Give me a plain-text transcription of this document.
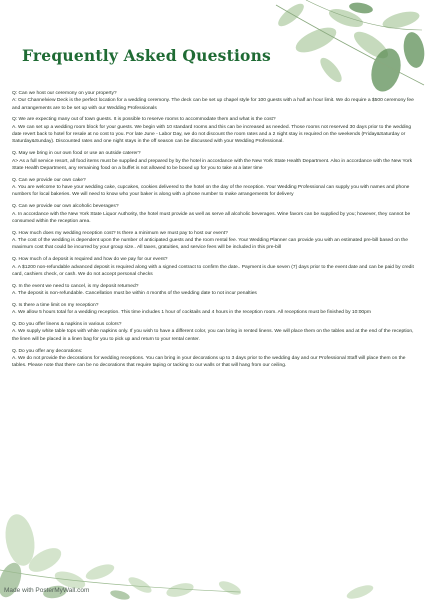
Frequently Asked Questions

Q: Can we host our ceremony on your property?

A: Our Channelview Deck is the perfect location for a wedding ceremony. The deck can be set up chapel style for 100 guests with a half an hour limit. We do require a $500 ceremony fee and arrangements are to be set up with our Wedding Professionals

Q: We are expecting many out of town guests. It is possible to reserve rooms to accommodate them and what is the cost?

A. We can set up a wedding room block for your guests. We begin with 10 standard rooms and this can be increased as needed. Those rooms not reserved 30 days prior to the wedding date revert back to hotel for resale at no cost to you. For late June - Labor Day, we do not discount the room rates and a 2 night stay is required on the weekends (Friday&Saturday or Saturday&Sunday). Discounted rates and one night stays in the off season can be discussed with your Wedding Professional.

Q. May we bring in our own food or use an outside caterer?

A> As a full service resort, all food items must be supplied and prepared by by the hotel in accordance with the New York State Health Department. Also in accordance with the New York State Health Department, any remaining food on a buffet is not allowed to be boxed up for you to take at a later time

Q. Can we provide our own cake?

A. You are welcome to have your wedding cake, cupcakes, cookies delivered to the hotel on the day of the reception. Your Wedding Professional can supply you with names and phone numbers for local bakeries. We will need to know who your baker is along with a phone number to make arrangements for delivery

Q. Can we provide our own alcoholic beverages?

A. In accordance with the New York State Liquor Authority, the hotel must provide as well as serve all alcoholic beverages. Wine favors can be supplied by you; however, they cannot be consumed within the reception area.

Q. How much does my wedding reception cost? Is there a minimum we must pay to host our event?

A. The cost of the wedding is dependent upon the number of anticipated guests and the room rental fee. Your Wedding Planner can provide you with an estimated pre-bill based on the maximum cost that could be incurred by your group size.. All taxes, gratuities, and service fees will be included in this pre-bill

Q. How much of a deposit is required and how do we pay for our event?

A. A $1200 non-refundable advanced deposit is required along with a signed contract to confirm the date.. Payment is due seven (7) days prior to the event date and can be paid by credit card, cashiers check, or cash. We do not accept personal checks

Q. In the event we need to cancel, is my deposit returned?

A. The deposit is non-refundable. Cancellation must be within 4 months of the wedding date to not incur penalties

Q. Is there a time limit on my reception?

A. We allow 5 hours total for a wedding reception. This time includes 1 hour of cocktails and 4 hours in the reception room. All receptions must be finished by 10:00pm

Q. Do you offer linens & napkins in various colors?

A. We supply white table tops with white napkins only. If you wish to have a different color, you can bring in rented linens. We will place them on the tables and at the end of the reception, the linen will be placed in a linen bag for you to pick up and return to your rental center.

Q. Do you offer any decorations:

A. We do not provide the decorations for wedding receptions. You can bring in your decorations up to 3 days prior to the wedding day and our Professional Staff will place them on the tables. Please note that there can be no decorations that require taping or tacking to our walls or that will hang from our ceiling.

Made with PosterMyWall.com
